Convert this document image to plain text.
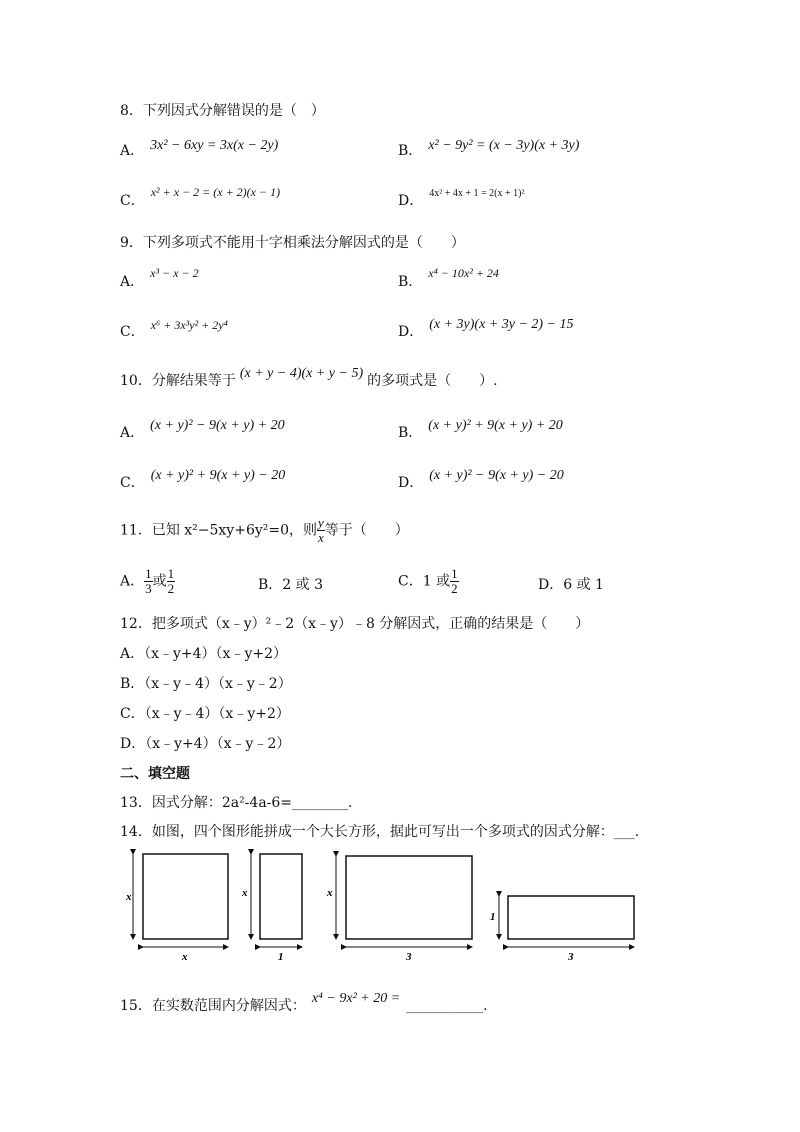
8．下列因式分解错误的是（　）
A． 3x² − 6xy = 3x(x − 2y)	B． x² − 9y² = (x − 3y)(x + 3y)
C．x² + x − 2 = (x + 2)(x − 1)
D． $^{4x^2 + 4x + 1 = 2(x + 1)^2}$
9．下列多项式不能用十字相乘法分解因式的是（　　）
A．x³ − x − 2
B．x⁴ − 10x² + 24
C． x⁶ + 3x³y² + 2y⁴	D． (x + 3y)(x + 3y − 2) − 15
10．分解结果等于 (x + y − 4)(x + y − 5) 的多项式是（　　）.
A． (x + y)² − 9(x + y) + 20	B． (x + y)² + 9(x + y) + 20
C． (x + y)² + 9(x + y) − 20	D． (x + y)² − 9(x + y) − 20
11．已知 x²−5xy+6y²=0，则 $\frac{y}{x}$ 等于（　　）
A． $\frac{1}{3}$ 或 $\frac{1}{2}$	B．2 或 3	C．1 或 $\frac{1}{2}$	D．6 或 1
12．把多项式（x﹣y）²﹣2（x﹣y）﹣8 分解因式，正确的结果是（　　）
A．（x﹣y+4）（x﹣y+2）
B．（x﹣y﹣4）（x﹣y﹣2）
C．（x﹣y﹣4）（x﹣y+2）
D．（x﹣y+4）（x﹣y﹣2）
二、填空题
13．因式分解：2a²-4a-6=________.
14．如图，四个图形能拼成一个大长方形，据此可写出一个多项式的因式分解：___.
x
x
x
1
x
3
1
3
15．在实数范围内分解因式： x⁴ − 9x² + 20 = ___________.
